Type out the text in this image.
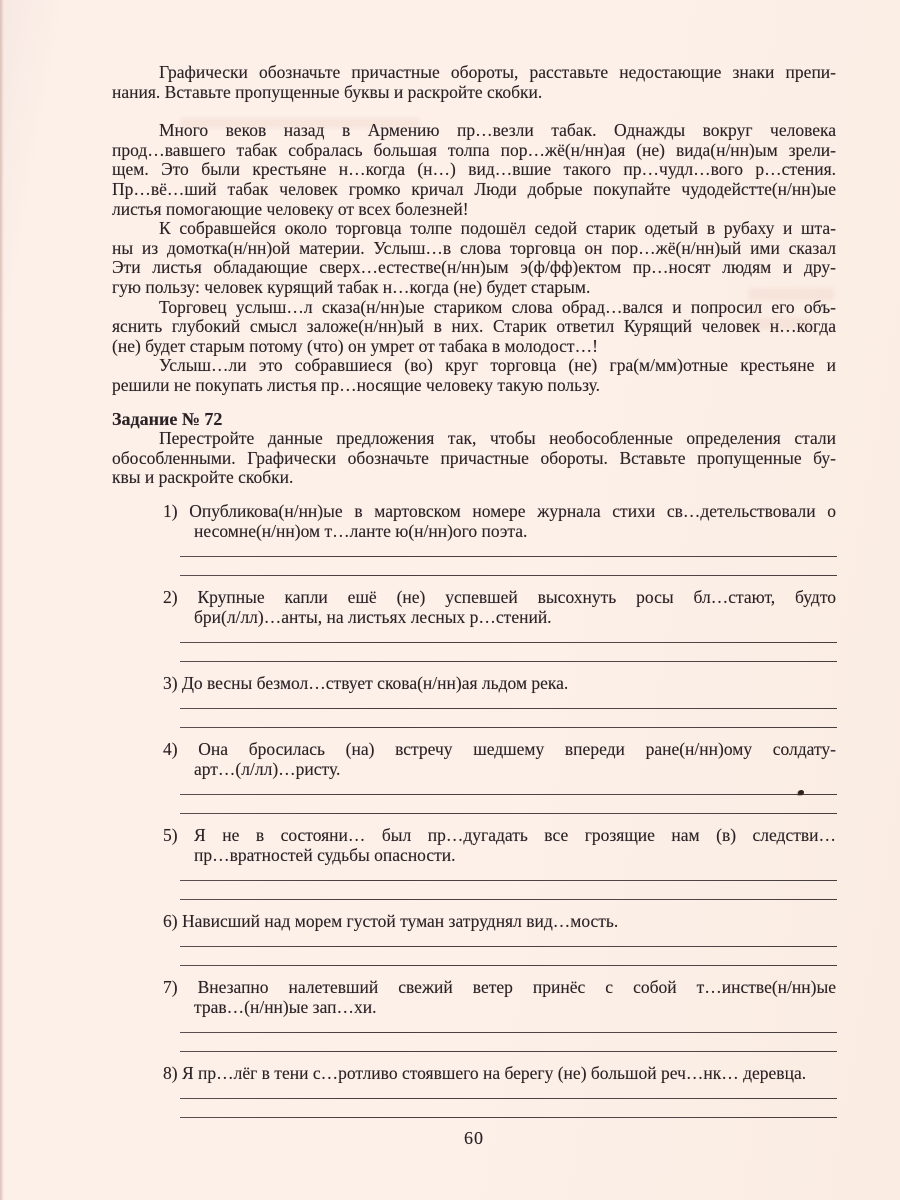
Графически обозначьте причастные обороты, расставьте недостающие знаки препи-
нания. Вставьте пропущенные буквы и раскройте скобки.
Много веков назад в Армению пр…везли табак. Однажды вокруг человека
прод…вавшего табак собралась большая толпа пор…жё(н/нн)ая (не) вида(н/нн)ым зрели-
щем. Это были крестьяне н…когда (н…) вид…вшие такого пр…чудл…вого р…стения.
Пр…вё…ший табак человек громко кричал Люди добрые покупайте чудодейстте(н/нн)ые
листья помогающие человеку от всех болезней!
К собравшейся около торговца толпе подошёл седой старик одетый в рубаху и шта-
ны из домотка(н/нн)ой материи. Услыш…в слова торговца он пор…жё(н/нн)ый ими сказал
Эти листья обладающие сверх…естестве(н/нн)ым э(ф/фф)ектом пр…носят людям и дру-
гую пользу: человек курящий табак н…когда (не) будет старым.
Торговец услыш…л сказа(н/нн)ые стариком слова обрад…вался и попросил его объ-
яснить глубокий смысл заложе(н/нн)ый в них. Старик ответил Курящий человек н…когда
(не) будет старым потому (что) он умрет от табака в молодост…!
Услыш…ли это собравшиеся (во) круг торговца (не) гра(м/мм)отные крестьяне и
решили не покупать листья пр…носящие человеку такую пользу.
Задание № 72
Перестройте данные предложения так, чтобы необособленные определения стали
обособленными. Графически обозначьте причастные обороты. Вставьте пропущенные бу-
квы и раскройте скобки.
1) Опубликова(н/нн)ые в мартовском номере журнала стихи св…детельствовали о
несомне(н/нн)ом т…ланте ю(н/нн)ого поэта.
2) Крупные капли ешё (не) успевшей высохнуть росы бл…стают, будто
бри(л/лл)…анты, на листьях лесных р…стений.
3) До весны безмол…ствует скова(н/нн)ая льдом река.
4) Она бросилась (на) встречу шедшему впереди ране(н/нн)ому солдату-
арт…(л/лл)…ристу.
5) Я не в состояни… был пр…дугадать все грозящие нам (в) следстви…
пр…вратностей судьбы опасности.
6) Нависший над морем густой туман затруднял вид…мость.
7) Внезапно налетевший свежий ветер принёс с собой т…инстве(н/нн)ые
трав…(н/нн)ые зап…хи.
8) Я пр…лёг в тени с…ротливо стоявшего на берегу (не) большой реч…нк… деревца.
60
